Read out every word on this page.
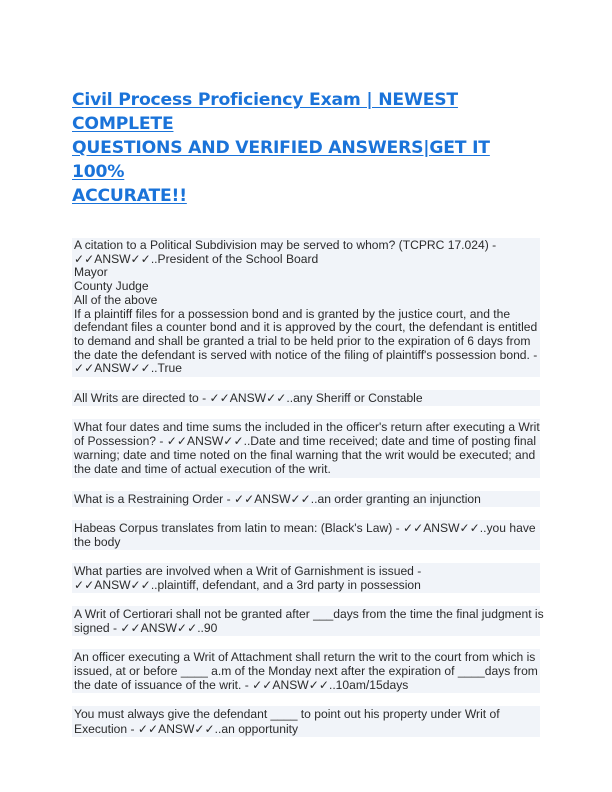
Civil Process Proficiency Exam | NEWEST COMPLETE
QUESTIONS AND VERIFIED ANSWERS|GET IT 100%
ACCURATE!!
A citation to a Political Subdivision may be served to whom? (TCPRC 17.024) -
✓✓ANSW✓✓..President of the School Board
Mayor
County Judge
All of the above
If a plaintiff files for a possession bond and is granted by the justice court, and the
defendant files a counter bond and it is approved by the court, the defendant is entitled
to demand and shall be granted a trial to be held prior to the expiration of 6 days from
the date the defendant is served with notice of the filing of plaintiff's possession bond. -
✓✓ANSW✓✓..True
All Writs are directed to - ✓✓ANSW✓✓..any Sheriff or Constable
What four dates and time sums the included in the officer's return after executing a Writ
of Possession? - ✓✓ANSW✓✓..Date and time received; date and time of posting final
warning; date and time noted on the final warning that the writ would be executed; and
the date and time of actual execution of the writ.
What is a Restraining Order - ✓✓ANSW✓✓..an order granting an injunction
Habeas Corpus translates from latin to mean: (Black's Law) - ✓✓ANSW✓✓..you have
the body
What parties are involved when a Writ of Garnishment is issued -
✓✓ANSW✓✓..plaintiff, defendant, and a 3rd party in possession
A Writ of Certiorari shall not be granted after ___days from the time the final judgment is
signed - ✓✓ANSW✓✓..90
An officer executing a Writ of Attachment shall return the writ to the court from which is
issued, at or before ____ a.m of the Monday next after the expiration of ____days from
the date of issuance of the writ. - ✓✓ANSW✓✓..10am/15days
You must always give the defendant ____ to point out his property under Writ of
Execution - ✓✓ANSW✓✓..an opportunity
